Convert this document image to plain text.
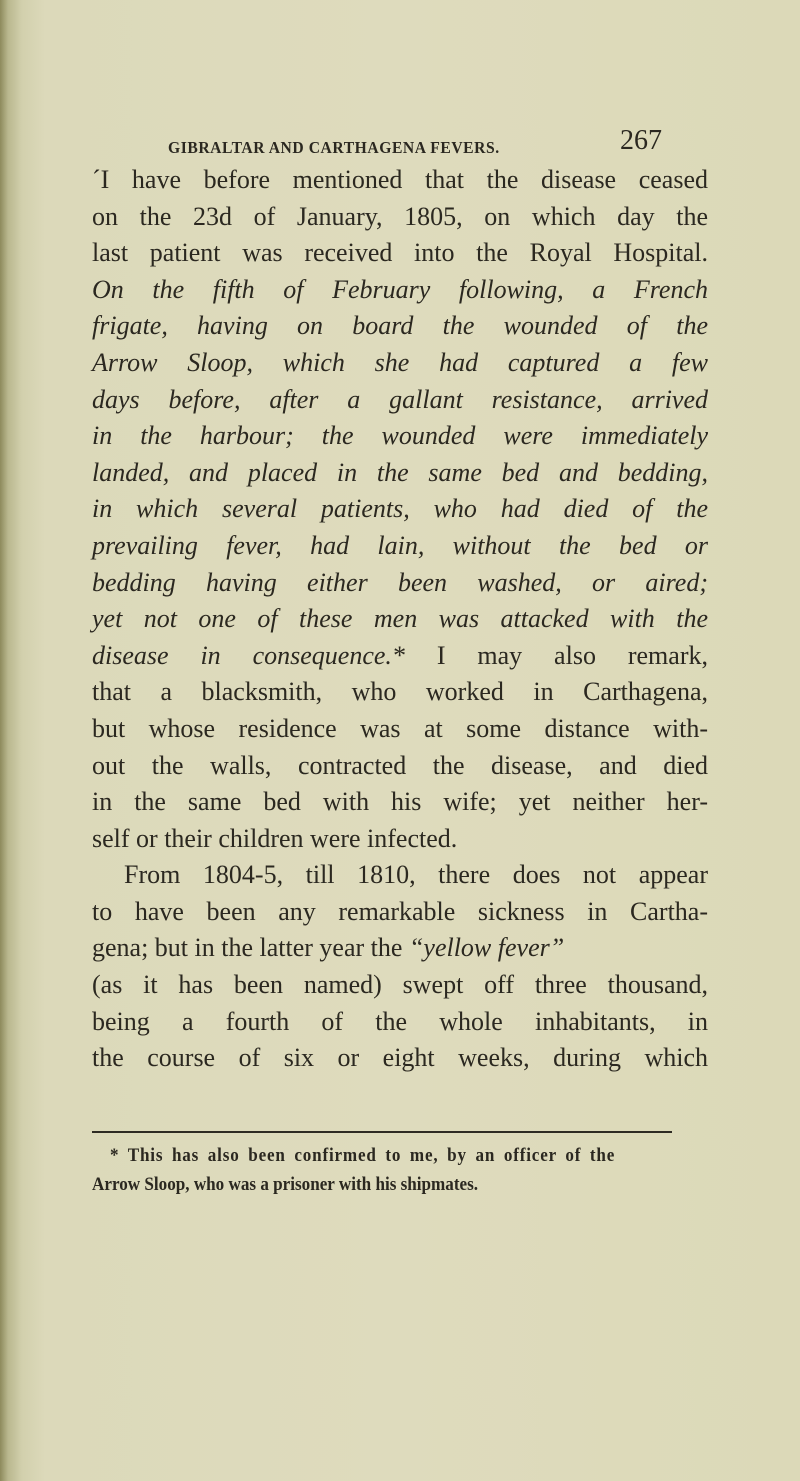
GIBRALTAR AND CARTHAGENA FEVERS.	267
´I have before mentioned that the disease ceased
on the 23d of January, 1805, on which day the
last patient was received into the Royal Hospital.
On the fifth of February following, a French
frigate, having on board the wounded of the
Arrow Sloop, which she had captured a few
days before, after a gallant resistance, arrived
in the harbour; the wounded were immediately
landed, and placed in the same bed and bedding,
in which several patients, who had died of the
prevailing fever, had lain, without the bed or
bedding having either been washed, or aired;
yet not one of these men was attacked with the
disease in consequence.* I may also remark,
that a blacksmith, who worked in Carthagena,
but whose residence was at some distance with-
out the walls, contracted the disease, and died
in the same bed with his wife; yet neither her-
self or their children were infected.
From 1804-5, till 1810, there does not appear
to have been any remarkable sickness in Cartha-
gena; but in the latter year the “yellow fever”
(as it has been named) swept off three thousand,
being a fourth of the whole inhabitants, in
the course of six or eight weeks, during which
* This has also been confirmed to me, by an officer of the
Arrow Sloop, who was a prisoner with his shipmates.
